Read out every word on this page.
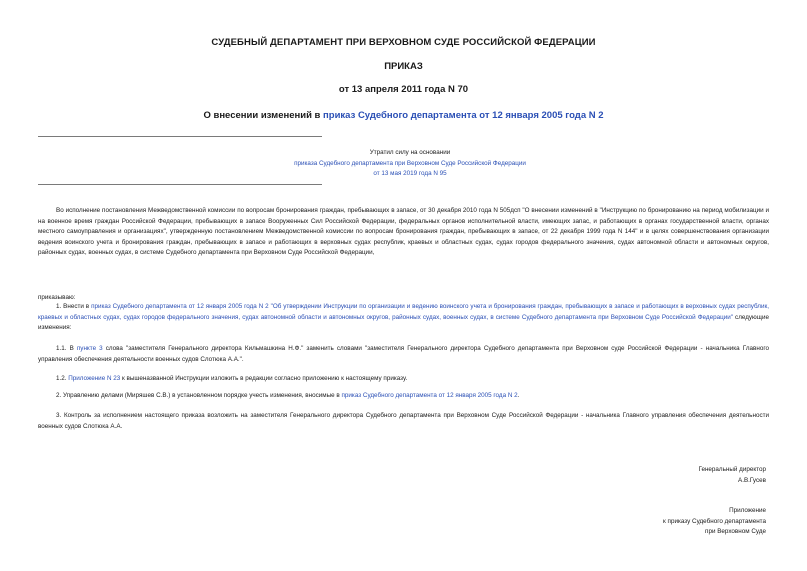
СУДЕБНЫЙ ДЕПАРТАМЕНТ ПРИ ВЕРХОВНОМ СУДЕ РОССИЙСКОЙ ФЕДЕРАЦИИ
ПРИКАЗ
от 13 апреля 2011 года N 70
О внесении изменений в приказ Судебного департамента от 12 января 2005 года N 2
Утратил силу на основании
приказа Судебного департамента при Верховном Суде Российской Федерации
от 13 мая 2019 года N 95
Во исполнение постановления Межведомственной комиссии по вопросам бронирования граждан, пребывающих в запасе, от 30 декабря 2010 года N 505дсп "О внесении изменений в "Инструкцию по бронированию на период мобилизации и на военное время граждан Российской Федерации, пребывающих в запасе Вооруженных Сил Российской Федерации, федеральных органов исполнительной власти, имеющих запас, и работающих в органах государственной власти, органах местного самоуправления и организациях", утвержденную постановлением Межведомственной комиссии по вопросам бронирования граждан, пребывающих в запасе, от 22 декабря 1999 года N 144" и в целях совершенствования организации ведения воинского учета и бронирования граждан, пребывающих в запасе и работающих в верховных судах республик, краевых и областных судах, судах городов федерального значения, судах автономной области и автономных округов, районных судах, военных судах, в системе Судебного департамента при Верховном Суде Российской Федерации,
приказываю:
1. Внести в приказ Судебного департамента от 12 января 2005 года N 2 "Об утверждении Инструкции по организации и ведению воинского учета и бронирования граждан, пребывающих в запасе и работающих в верховных судах республик, краевых и областных судах, судах городов федерального значения, судах автономной области и автономных округов, районных судах, военных судах, в системе Судебного департамента при Верховном Суде Российской Федерации" следующие изменения:
1.1. В пункте 3 слова "заместителя Генерального директора Кильмашкина Н.Ф." заменить словами "заместителя Генерального директора Судебного департамента при Верховном суде Российской Федерации - начальника Главного управления обеспечения деятельности военных судов Слотюка А.А.".
1.2. Приложение N 23 к вышеназванной Инструкции изложить в редакции согласно приложению к настоящему приказу.
2. Управлению делами (Миряшев С.В.) в установленном порядке учесть изменения, вносимые в приказ Судебного департамента от 12 января 2005 года N 2.
3. Контроль за исполнением настоящего приказа возложить на заместителя Генерального директора Судебного департамента при Верховном Суде Российской Федерации - начальника Главного управления обеспечения деятельности военных судов Слотюка А.А.
Генеральный директор
А.В.Гусев
Приложение
к приказу Судебного департамента
при Верховном Суде
